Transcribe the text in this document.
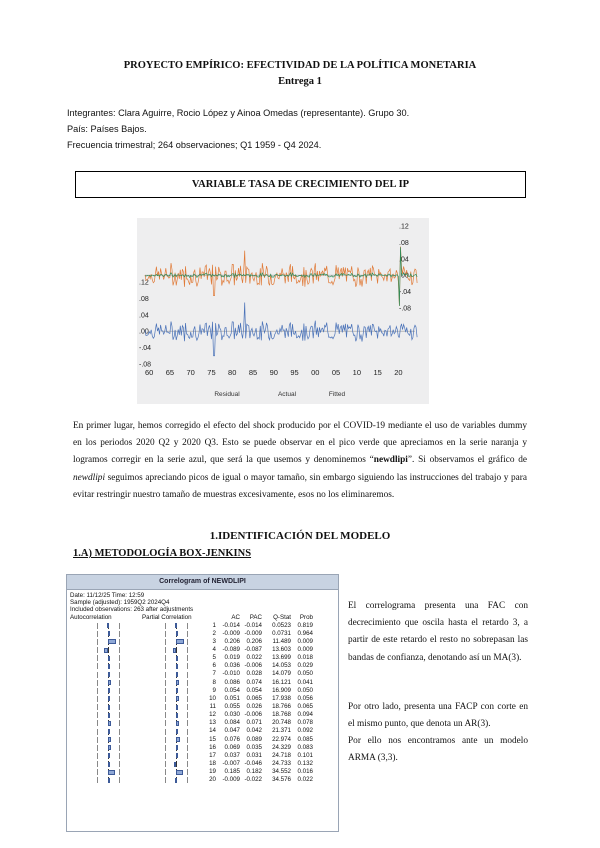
PROYECTO EMPÍRICO: EFECTIVIDAD DE LA POLÍTICA MONETARIA
Entrega 1
Integrantes: Clara Aguirre, Rocio López y Ainoa Omedas (representante). Grupo 30.
País: Países Bajos.
Frecuencia trimestral; 264 observaciones; Q1 1959 - Q4 2024.
VARIABLE TASA DE CRECIMIENTO DEL IP
.12
.08
.04
.00
-.04
-.08
.12
.08
.04
.00
-.04
-.08
60 65 70 75 80 85 90 95 00 05 10 15 20
Residual	Actual	Fitted
En primer lugar, hemos corregido el efecto del shock producido por el COVID-19 mediante el uso de variables dummy en los periodos 2020 Q2 y 2020 Q3. Esto se puede observar en el pico verde que apreciamos en la serie naranja y logramos corregir en la serie azul, que será la que usemos y denominemos “newdlipi”. Si observamos el gráfico de newdlipi seguimos apreciando picos de igual o mayor tamaño, sin embargo siguiendo las instrucciones del trabajo y para evitar restringir nuestro tamaño de muestras excesivamente, esos no los eliminaremos.
1.IDENTIFICACIÓN DEL MODELO
1.A) METODOLOGÍA BOX-JENKINS
Correlogram of NEWDLIPI
Date: 11/12/25 Time: 12:59
Sample (adjusted): 1959Q2 2024Q4
Included observations: 263 after adjustments
Autocorrelation	Partial Correlation	AC	PAC	Q-Stat	Prob
1	-0.014 -0.014	0.0523	0.819
2	-0.009 -0.009	0.0731	0.964
3	0.206	0.206	11.489	0.009
4	-0.089 -0.087	13.603	0.009
5	0.019	0.022	13.699	0.018
6	0.036 -0.006	14.053	0.029
7	-0.010	0.028	14.079	0.050
8	0.086	0.074	16.121	0.041
9	0.054	0.054	16.909	0.050
10	0.051	0.065	17.938	0.056
11	0.055	0.026	18.766	0.065
12	0.030 -0.006	18.768	0.094
13	0.084	0.071	20.748	0.078
14	0.047	0.042	21.371	0.092
15	0.076	0.089	22.974	0.085
16	0.069	0.035	24.329	0.083
17	0.037	0.031	24.718	0.101
18	-0.007 -0.046	24.733	0.132
19	0.185	0.182	34.552	0.016
20	-0.009 -0.022	34.576	0.022
El correlograma presenta una FAC con decrecimiento que oscila hasta el retardo 3, a partir de este retardo el resto no sobrepasan las bandas de confianza, denotando así un MA(3).
Por otro lado, presenta una FACP con corte en el mismo punto, que denota un AR(3).
Por ello nos encontramos ante un modelo ARMA (3,3).
